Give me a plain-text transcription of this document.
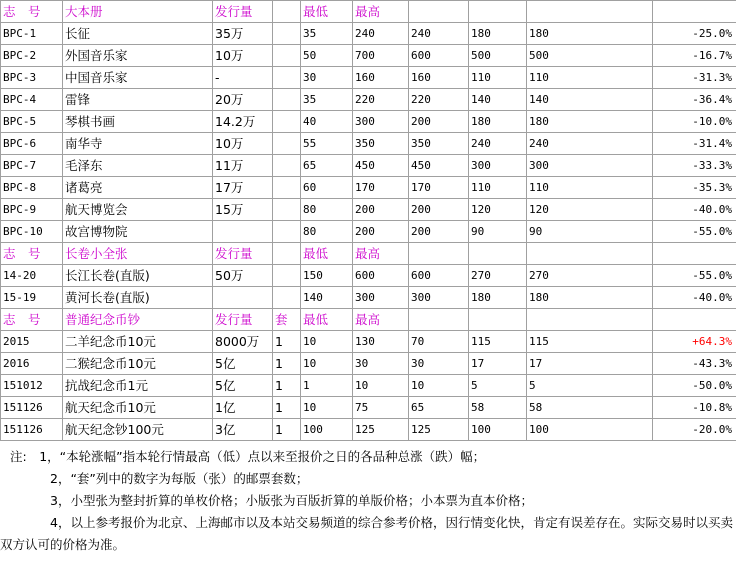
志　号	大本册	发行量		最低	最高				
BPC-1	长征	35万		35	240	240	180	180	-25.0%
BPC-2	外国音乐家	10万		50	700	600	500	500	-16.7%
BPC-3	中国音乐家	-		30	160	160	110	110	-31.3%
BPC-4	雷锋	20万		35	220	220	140	140	-36.4%
BPC-5	琴棋书画	14.2万		40	300	200	180	180	-10.0%
BPC-6	南华寺	10万		55	350	350	240	240	-31.4%
BPC-7	毛泽东	11万		65	450	450	300	300	-33.3%
BPC-8	诸葛亮	17万		60	170	170	110	110	-35.3%
BPC-9	航天博览会	15万		80	200	200	120	120	-40.0%
BPC-10	故宫博物院			80	200	200	90	90	-55.0%
志　号	长卷小全张	发行量		最低	最高				
14-20	长江长卷(直版)	50万		150	600	600	270	270	-55.0%
15-19	黄河长卷(直版)			140	300	300	180	180	-40.0%
志　号	普通纪念币钞	发行量	套	最低	最高				
2015	二羊纪念币10元	8000万	1	10	130	70	115	115	+64.3%
2016	二猴纪念币10元	5亿	1	10	30	30	17	17	-43.3%
151012	抗战纪念币1元	5亿	1	1	10	10	5	5	-50.0%
151126	航天纪念币10元	1亿	1	10	75	65	58	58	-10.8%
151126	航天纪念钞100元	3亿	1	100	125	125	100	100	-20.0%

注:　1，“本轮涨幅”指本轮行情最高（低）点以来至报价之日的各品种总涨（跌）幅；

2，“套”列中的数字为每版（张）的邮票套数；

3，小型张为整封折算的单枚价格；小版张为百版折算的单版价格；小本票为直本价格；

4，以上参考报价为北京、上海邮市以及本站交易频道的综合参考价格，因行情变化快，肯定有误差存在。实际交易时以买卖双方认可的价格为准。
